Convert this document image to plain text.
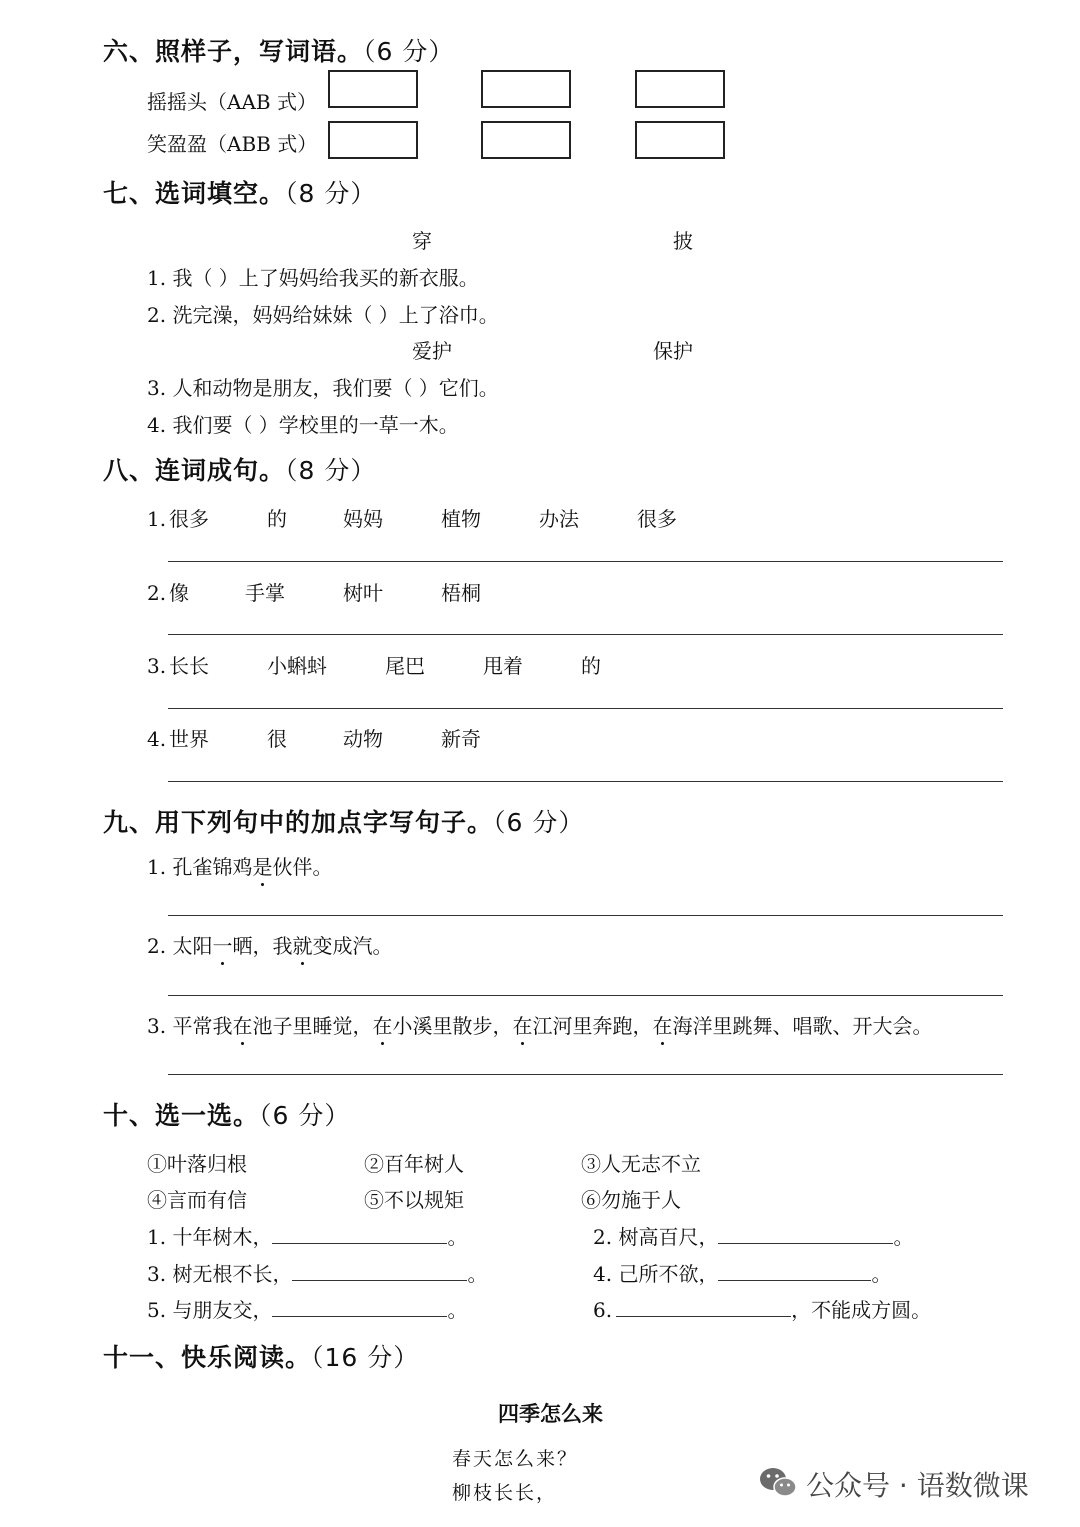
六、照样子，写词语。（6 分）
摇摇头（AAB 式）
笑盈盈（ABB 式）
七、选词填空。（8 分）
穿	披
1. 我（ ）上了妈妈给我买的新衣服。
2. 洗完澡，妈妈给妹妹（ ）上了浴巾。
爱护	保护
3. 人和动物是朋友，我们要（ ）它们。
4. 我们要（ ）学校里的一草一木。
八、连词成句。（8 分）
1. 很多	的	妈妈	植物	办法	很多
2. 像	手掌	树叶	梧桐
3. 长长	小蝌蚪	尾巴	甩着	的
4. 世界	很	动物	新奇
九、用下列句中的加点字写句子。（6 分）
1. 孔雀锦鸡是伙伴。
2. 太阳一晒，我就变成汽。
3. 平常我在池子里睡觉，在小溪里散步，在江河里奔跑，在海洋里跳舞、唱歌、开大会。
十、选一选。（6 分）
①叶落归根	②百年树人	③人无志不立
④言而有信	⑤不以规矩	⑥勿施于人
1. 十年树木，	。	2. 树高百尺，	。
3. 树无根不长，	。	4. 己所不欲，	。
5. 与朋友交，	。	6.	，不能成方圆。
十一、快乐阅读。（16 分）
四季怎么来
春天怎么来？
柳枝长长，	公众号 · 语数微课
